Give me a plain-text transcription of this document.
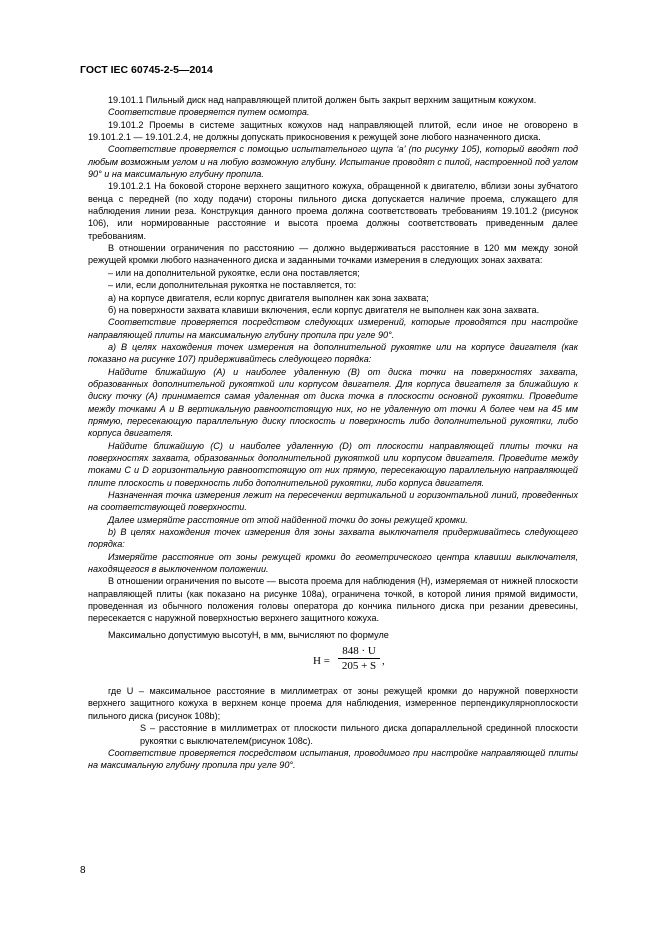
ГОСТ IEC 60745-2-5—2014

19.101.1 Пильный диск над направляющей плитой должен быть закрыт верхним защитным кожухом.

Соответствие проверяется путем осмотра.

19.101.2 Проемы в системе защитных кожухов над направляющей плитой, если иное не оговорено в 19.101.2.1 — 19.101.2.4, не должны допускать прикосновения к режущей зоне любого назначенного диска.

Соответствие проверяется с помощью испытательного щупа ‘а’ (по рисунку 105), который вводят под любым возможным углом и на любую возможную глубину. Испытание проводят с пилой, настроенной под углом 90° и на максимальную глубину пропила.

19.101.2.1 На боковой стороне верхнего защитного кожуха, обращенной к двигателю, вблизи зоны зубчатого венца с передней (по ходу подачи) стороны пильного диска допускается наличие проема, служащего для наблюдения линии реза. Конструкция данного проема должна соответствовать требованиям 19.101.2 (рисунок 106), или нормированные расстояние и высота проема должны соответствовать приведенным далее требованиям.

В отношении ограничения по расстоянию — должно выдерживаться расстояние в 120 мм между зоной режущей кромки любого назначенного диска и заданными точками измерения в следующих зонах захвата:

– или на дополнительной рукоятке, если она поставляется;

– или, если дополнительная рукоятка не поставляется, то:

а) на корпусе двигателя, если корпус двигателя выполнен как зона захвата;

б) на поверхности захвата клавиши включения, если корпус двигателя не выполнен как зона захвата.

Соответствие проверяется посредством следующих измерений, которые проводятся при настройке направляющей плиты на максимальную глубину пропила при угле 90°.

а) В целях нахождения точек измерения на дополнительной рукоятке или на корпусе двигателя (как показано на рисунке 107) придерживайтесь следующего порядка:

Найдите ближайшую (А) и наиболее удаленную (В) от диска точки на поверхностях захвата, образованных дополнительной рукояткой или корпусом двигателя. Для корпуса двигателя за ближайшую к диску точку (А) принимается самая удаленная от диска точка в плоскости основной рукоятки. Проведите между точками А и В вертикальную равноотстоящую них, но не удаленную от точки А более чем на 45 мм прямую, пересекающую параллельную диску плоскость и поверхность либо дополнительной рукоятки, либо корпуса двигателя.

Найдите ближайшую (С) и наиболее удаленную (D) от плоскости направляющей плиты точки на поверхностях захвата, образованных дополнительной рукояткой или корпусом двигателя. Проведите между токами С и D горизонтальную равноотстоящую от них прямую, пересекающую параллельную направляющей плите плоскость и поверхность либо дополнительной рукоятки, либо корпуса двигателя.

Назначенная точка измерения лежит на пересечении вертикальной и горизонтальной линий, проведенных на соответствующей поверхности.

Далее измеряйте расстояние от этой найденной точки до зоны режущей кромки.

b) В целях нахождения точек измерения для зоны захвата выключателя придерживайтесь следующего порядка:

Измеряйте расстояние от зоны режущей кромки до геометрического центра клавиши выключателя, находящегося в выключенном положении.

В отношении ограничения по высоте — высота проема для наблюдения (Н), измеряемая от нижней плоскости направляющей плиты (как показано на рисунке 108а), ограничена точкой, в которой линия прямой видимости, проведенная из обычного положения головы оператора до кончика пильного диска при резании древесины, пересекается с наружной поверхностью верхнего защитного кожуха.

Максимально допустимую высотуН, в мм, вычисляют по формуле

$Н = \frac{848 \cdot U}{205 + S}$ ,

где U – максимальное расстояние в миллиметрах от зоны режущей кромки до наружной поверхности верхнего защитного кожуха в верхнем конце проема для наблюдения, измеренное перпендикулярноплоскости пильного диска (рисунок 108b);

S – расстояние в миллиметрах от плоскости пильного диска допараллельной срединной плоскости рукоятки с выключателем(рисунок 108с).

Соответствие проверяется посредством испытания, проводимого при настройке направляющей плиты на максимальную глубину пропила при угле 90°.

8
